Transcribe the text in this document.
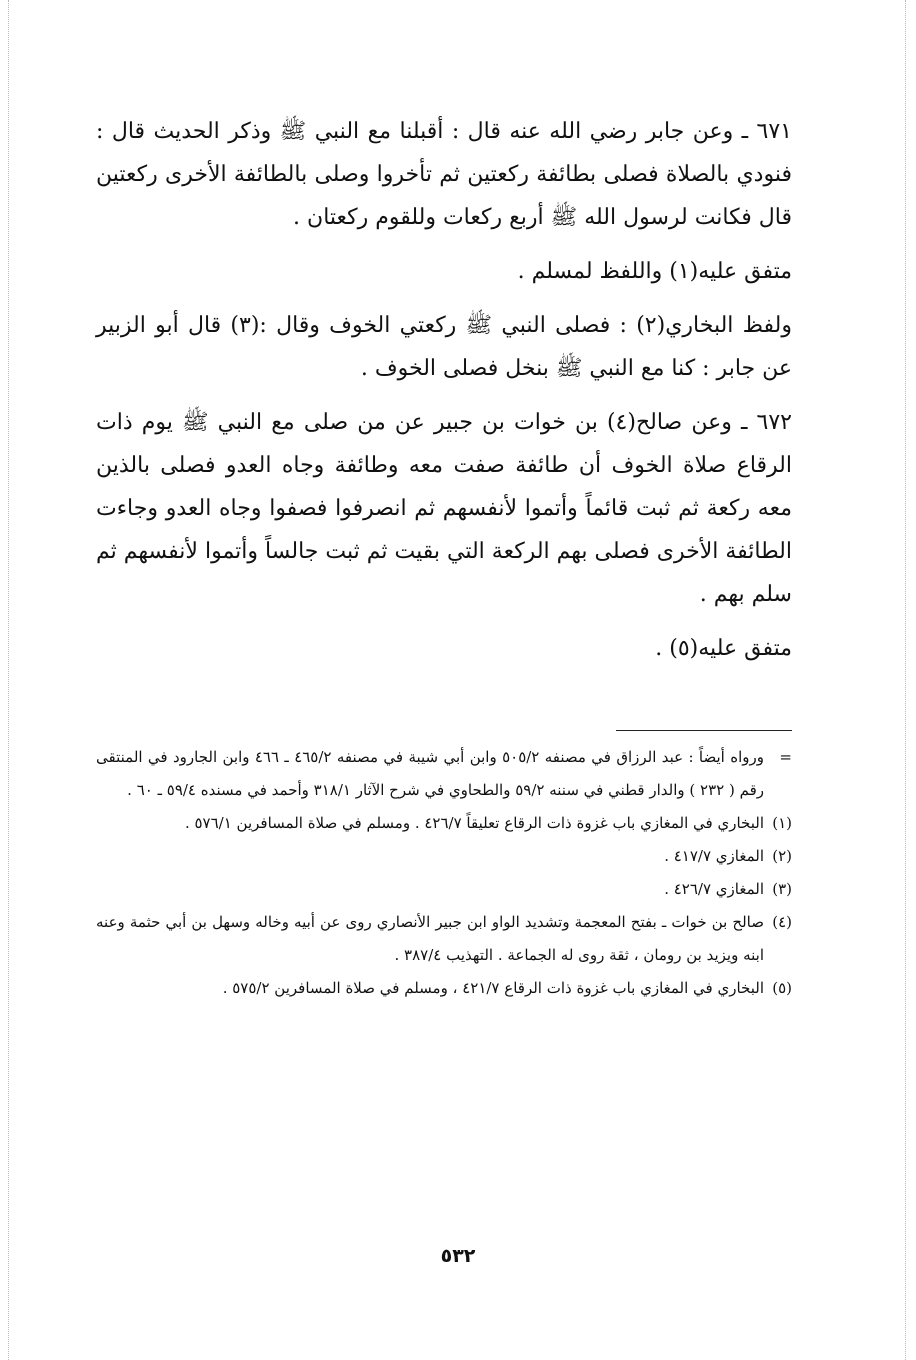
٦٧١ ـ وعن جابر رضي الله عنه قال : أقبلنا مع النبي ﷺ وذكر الحديث قال : فنودي بالصلاة فصلى بطائفة ركعتين ثم تأخروا وصلى بالطائفة الأخرى ركعتين قال فكانت لرسول الله ﷺ أربع ركعات وللقوم ركعتان .

متفق عليه(١) واللفظ لمسلم .

ولفظ البخاري(٢) : فصلى النبي ﷺ ركعتي الخوف وقال :(٣) قال أبو الزبير عن جابر : كنا مع النبي ﷺ بنخل فصلى الخوف .

٦٧٢ ـ وعن صالح(٤) بن خوات بن جبير عن من صلى مع النبي ﷺ يوم ذات الرقاع صلاة الخوف أن طائفة صفت معه وطائفة وجاه العدو فصلى بالذين معه ركعة ثم ثبت قائماً وأتموا لأنفسهم ثم انصرفوا فصفوا وجاه العدو وجاءت الطائفة الأخرى فصلى بهم الركعة التي بقيت ثم ثبت جالساً وأتموا لأنفسهم ثم سلم بهم .

متفق عليه(٥) .

=
ورواه أيضاً : عبد الرزاق في مصنفه ٥٠٥/٢ وابن أبي شيبة في مصنفه ٤٦٥/٢ ـ ٤٦٦ وابن الجارود في المنتقى رقم ( ٢٣٢ ) والدار قطني في سننه ٥٩/٢ والطحاوي في شرح الآثار ٣١٨/١ وأحمد في مسنده ٥٩/٤ ـ ٦٠ .
(١)
البخاري في المغازي باب غزوة ذات الرقاع تعليقاً ٤٢٦/٧ . ومسلم في صلاة المسافرين ٥٧٦/١ .
(٢)
المغازي ٤١٧/٧ .
(٣)
المغازي ٤٢٦/٧ .
(٤)
صالح بن خوات ـ بفتح المعجمة وتشديد الواو ابن جبير الأنصاري روى عن أبيه وخاله وسهل بن أبي حثمة وعنه ابنه ويزيد بن رومان ، ثقة روى له الجماعة . التهذيب ٣٨٧/٤ .
(٥)
البخاري في المغازي باب غزوة ذات الرقاع ٤٢١/٧ ، ومسلم في صلاة المسافرين ٥٧٥/٢ .
٥٣٢
